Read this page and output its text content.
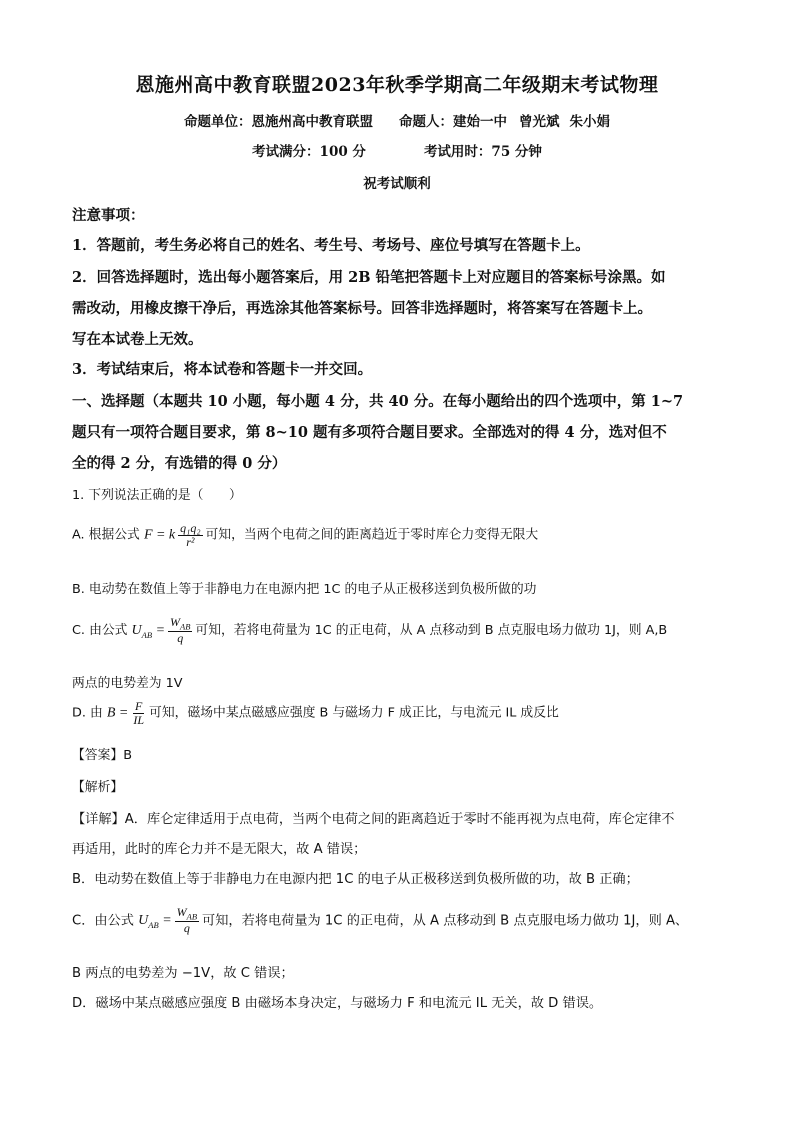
恩施州高中教育联盟2023年秋季学期高二年级期末考试物理
命题单位：恩施州高中教育联盟 命题人：建始一中 曾光斌 朱小娟
考试满分：100 分	考试用时：75 分钟
祝考试顺利
注意事项：
1．答题前，考生务必将自己的姓名、考生号、考场号、座位号填写在答题卡上。
2．回答选择题时，选出每小题答案后，用 2B 铅笔把答题卡上对应题目的答案标号涂黑。如
需改动，用橡皮擦干净后，再选涂其他答案标号。回答非选择题时，将答案写在答题卡上。
写在本试卷上无效。
3．考试结束后，将本试卷和答题卡一并交回。
一、选择题（本题共 10 小题，每小题 4 分，共 40 分。在每小题给出的四个选项中，第 1~7
题只有一项符合题目要求，第 8~10 题有多项符合题目要求。全部选对的得 4 分，选对但不
全的得 2 分，有选错的得 0 分）
1. 下列说法正确的是（　　）
A. 根据公式 F = k $\frac{\text{q₁q₂}}{\text{r²}}$ 可知，当两个电荷之间的距离趋近于零时库仑力变得无限大
B. 电动势在数值上等于非静电力在电源内把 1C 的电子从正极移送到负极所做的功
C. 由公式 $U_{AB} = \frac{W_{AB}}{q}$ 可知，若将电荷量为 1C 的正电荷，从 A 点移动到 B 点克服电场力做功 1J，则 A,B
两点的电势差为 1V
D. 由 $B = \frac{F}{IL}$ 可知，磁场中某点磁感应强度 B 与磁场力 F 成正比，与电流元 IL 成反比
【答案】B
【解析】
【详解】A．库仑定律适用于点电荷，当两个电荷之间的距离趋近于零时不能再视为点电荷，库仑定律不
再适用，此时的库仑力并不是无限大，故 A 错误；
B．电动势在数值上等于非静电力在电源内把 1C 的电子从正极移送到负极所做的功，故 B 正确；
C．由公式 $U_{AB} = \frac{W_{AB}}{q}$ 可知，若将电荷量为 1C 的正电荷，从 A 点移动到 B 点克服电场力做功 1J，则 A、
B 两点的电势差为 −1V，故 C 错误；
D．磁场中某点磁感应强度 B 由磁场本身决定，与磁场力 F 和电流元 IL 无关，故 D 错误。
